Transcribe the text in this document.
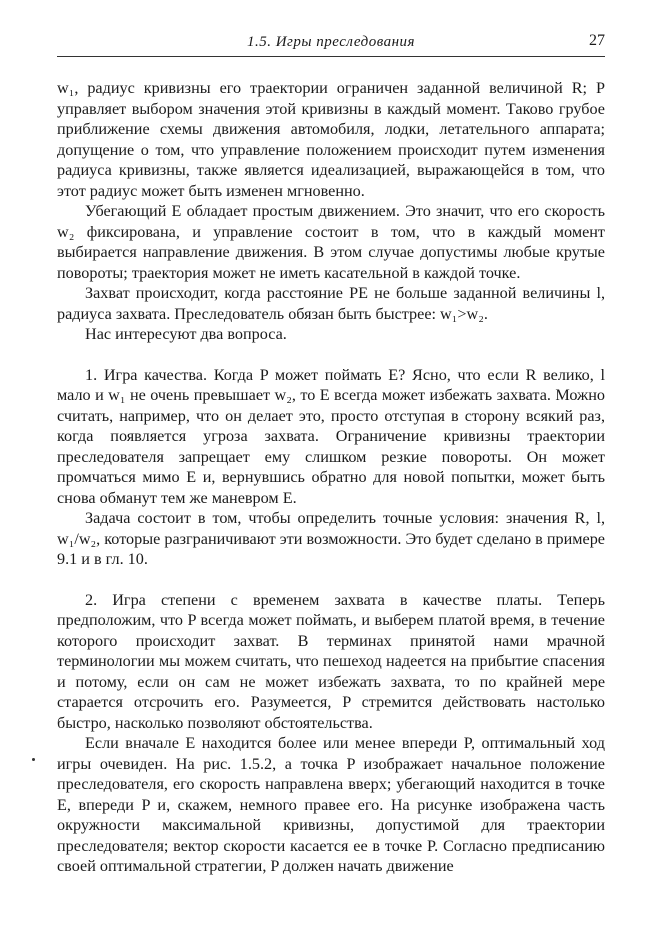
1.5. Игры преследования	27

w₁, радиус кривизны его траектории ограничен заданной величиной R; P управляет выбором значения этой кривизны в каждый момент. Таково грубое приближение схемы движения автомобиля, лодки, летательного аппарата; допущение о том, что управление положением происходит путем изменения радиуса кривизны, также является идеализацией, выражающейся в том, что этот радиус может быть изменен мгновенно.

Убегающий E обладает простым движением. Это значит, что его скорость w₂ фиксирована, и управление состоит в том, что в каждый момент выбирается направление движения. В этом случае допустимы любые крутые повороты; траектория может не иметь касательной в каждой точке.

Захват происходит, когда расстояние PE не больше заданной величины l, радиуса захвата. Преследователь обязан быть быстрее: w₁>w₂.

Нас интересуют два вопроса.

1. Игра качества. Когда P может поймать E? Ясно, что если R велико, l мало и w₁ не очень превышает w₂, то E всегда может избежать захвата. Можно считать, например, что он делает это, просто отступая в сторону всякий раз, когда появляется угроза захвата. Ограничение кривизны траектории преследователя запрещает ему слишком резкие повороты. Он может промчаться мимо E и, вернувшись обратно для новой попытки, может быть снова обманут тем же маневром E.

Задача состоит в том, чтобы определить точные условия: значения R, l, w₁/w₂, которые разграничивают эти возможности. Это будет сделано в примере 9.1 и в гл. 10.

2. Игра степени с временем захвата в качестве платы. Теперь предположим, что P всегда может поймать, и выберем платой время, в течение которого происходит захват. В терминах принятой нами мрачной терминологии мы можем считать, что пешеход надеется на прибытие спасения и потому, если он сам не может избежать захвата, то по крайней мере старается отсрочить его. Разумеется, P стремится действовать настолько быстро, насколько позволяют обстоятельства.

Если вначале E находится более или менее впереди P, оптимальный ход игры очевиден. На рис. 1.5.2, а точка P изображает начальное положение преследователя, его скорость направлена вверх; убегающий находится в точке E, впереди P и, скажем, немного правее его. На рисунке изображена часть окружности максимальной кривизны, допустимой для траектории преследователя; вектор скорости касается ее в точке P. Согласно предписанию своей оптимальной стратегии, P должен начать движение
